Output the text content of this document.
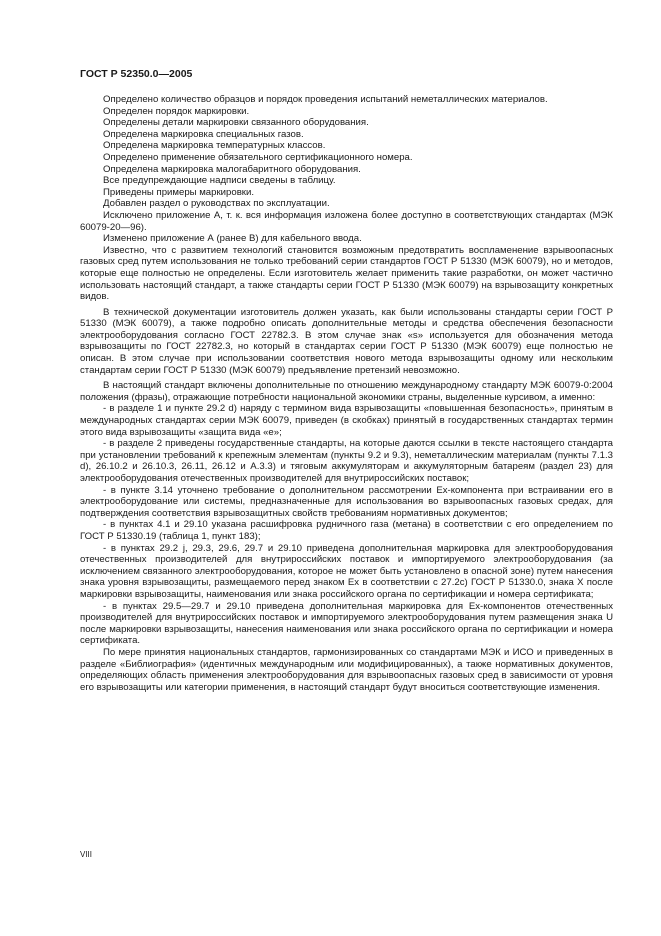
ГОСТ Р 52350.0—2005

Определено количество образцов и порядок проведения испытаний неметаллических материалов.

Определен порядок маркировки.

Определены детали маркировки связанного оборудования.

Определена маркировка специальных газов.

Определена маркировка температурных классов.

Определено применение обязательного сертификационного номера.

Определена маркировка малогабаритного оборудования.

Все предупреждающие надписи сведены в таблицу.

Приведены примеры маркировки.

Добавлен раздел о руководствах по эксплуатации.

Исключено приложение А, т. к. вся информация изложена более доступно в соответствующих стандартах (МЭК 60079-20—96).

Изменено приложение А (ранее В) для кабельного ввода.

Известно, что с развитием технологий становится возможным предотвратить воспламенение взрывоопасных газовых сред путем использования не только требований серии стандартов ГОСТ Р 51330 (МЭК 60079), но и методов, которые еще полностью не определены. Если изготовитель желает применить такие разработки, он может частично использовать настоящий стандарт, а также стандарты серии ГОСТ Р 51330 (МЭК 60079) на взрывозащиту конкретных видов.

В технической документации изготовитель должен указать, как были использованы стандарты серии ГОСТ Р 51330 (МЭК 60079), а также подробно описать дополнительные методы и средства обеспечения безопасности электрооборудования согласно ГОСТ 22782.3. В этом случае знак «s» используется для обозначения метода взрывозащиты по ГОСТ 22782.3, но который в стандартах серии ГОСТ Р 51330 (МЭК 60079) еще полностью не описан. В этом случае при использовании соответствия нового метода взрывозащиты одному или нескольким стандартам серии ГОСТ Р 51330 (МЭК 60079) предъявление претензий невозможно.

В настоящий стандарт включены дополнительные по отношению международному стандарту МЭК 60079-0:2004 положения (фразы), отражающие потребности национальной экономики страны, выделенные курсивом, а именно:

- в разделе 1 и пункте 29.2 d) наряду с термином вида взрывозащиты «повышенная безопасность», принятым в международных стандартах серии МЭК 60079, приведен (в скобках) принятый в государственных стандартах термин этого вида взрывозащиты «защита вида «е»;

- в разделе 2 приведены государственные стандарты, на которые даются ссылки в тексте настоящего стандарта при установлении требований к крепежным элементам (пункты 9.2 и 9.3), неметаллическим материалам (пункты 7.1.3 d), 26.10.2 и 26.10.3, 26.11, 26.12 и А.3.3) и тяговым аккумуляторам и аккумуляторным батареям (раздел 23) для электрооборудования отечественных производителей для внутрироссийских поставок;

- в пункте 3.14 уточнено требование о дополнительном рассмотрении Ex-компонента при встраивании его в электрооборудование или системы, предназначенные для использования во взрывоопасных газовых средах, для подтверждения соответствия взрывозащитных свойств требованиям нормативных документов;

- в пунктах 4.1 и 29.10 указана расшифровка рудничного газа (метана) в соответствии с его определением по ГОСТ Р 51330.19 (таблица 1, пункт 183);

- в пунктах 29.2 j, 29.3, 29.6, 29.7 и 29.10 приведена дополнительная маркировка для электрооборудования отечественных производителей для внутрироссийских поставок и импортируемого электрооборудования (за исключением связанного электрооборудования, которое не может быть установлено в опасной зоне) путем нанесения знака уровня взрывозащиты, размещаемого перед знаком Ex в соответствии с 27.2с) ГОСТ Р 51330.0, знака Х после маркировки взрывозащиты, наименования или знака российского органа по сертификации и номера сертификата;

- в пунктах 29.5—29.7 и 29.10 приведена дополнительная маркировка для Ex-компонентов отечественных производителей для внутрироссийских поставок и импортируемого электрооборудования путем размещения знака U после маркировки взрывозащиты, нанесения наименования или знака российского органа по сертификации и номера сертификата.

По мере принятия национальных стандартов, гармонизированных со стандартами МЭК и ИСО и приведенных в разделе «Библиография» (идентичных международным или модифицированных), а также нормативных документов, определяющих область применения электрооборудования для взрывоопасных газовых сред в зависимости от уровня его взрывозащиты или категории применения, в настоящий стандарт будут вноситься соответствующие изменения.

VIII
